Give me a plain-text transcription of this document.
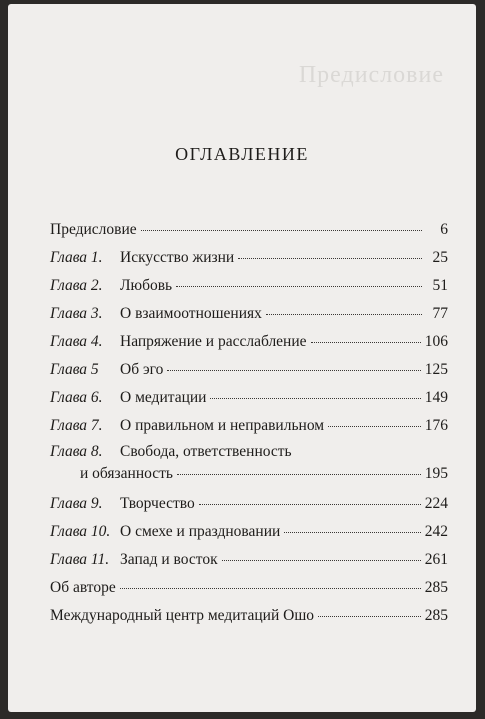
Предисловие
ОГЛАВЛЕНИЕ
Предисловие	6
Глава 1. Искусство жизни	25
Глава 2. Любовь	51
Глава 3. О взаимоотношениях	77
Глава 4. Напряжение и расслабление	106
Глава 5 Об эго	125
Глава 6. О медитации	149
Глава 7. О правильном и неправильном	176
Глава 8. Свобода, ответственность
и обязанность	195
Глава 9. Творчество	224
Глава 10. О смехе и праздновании	242
Глава 11. Запад и восток	261
Об авторе	285
Международный центр медитаций Ошо	285
